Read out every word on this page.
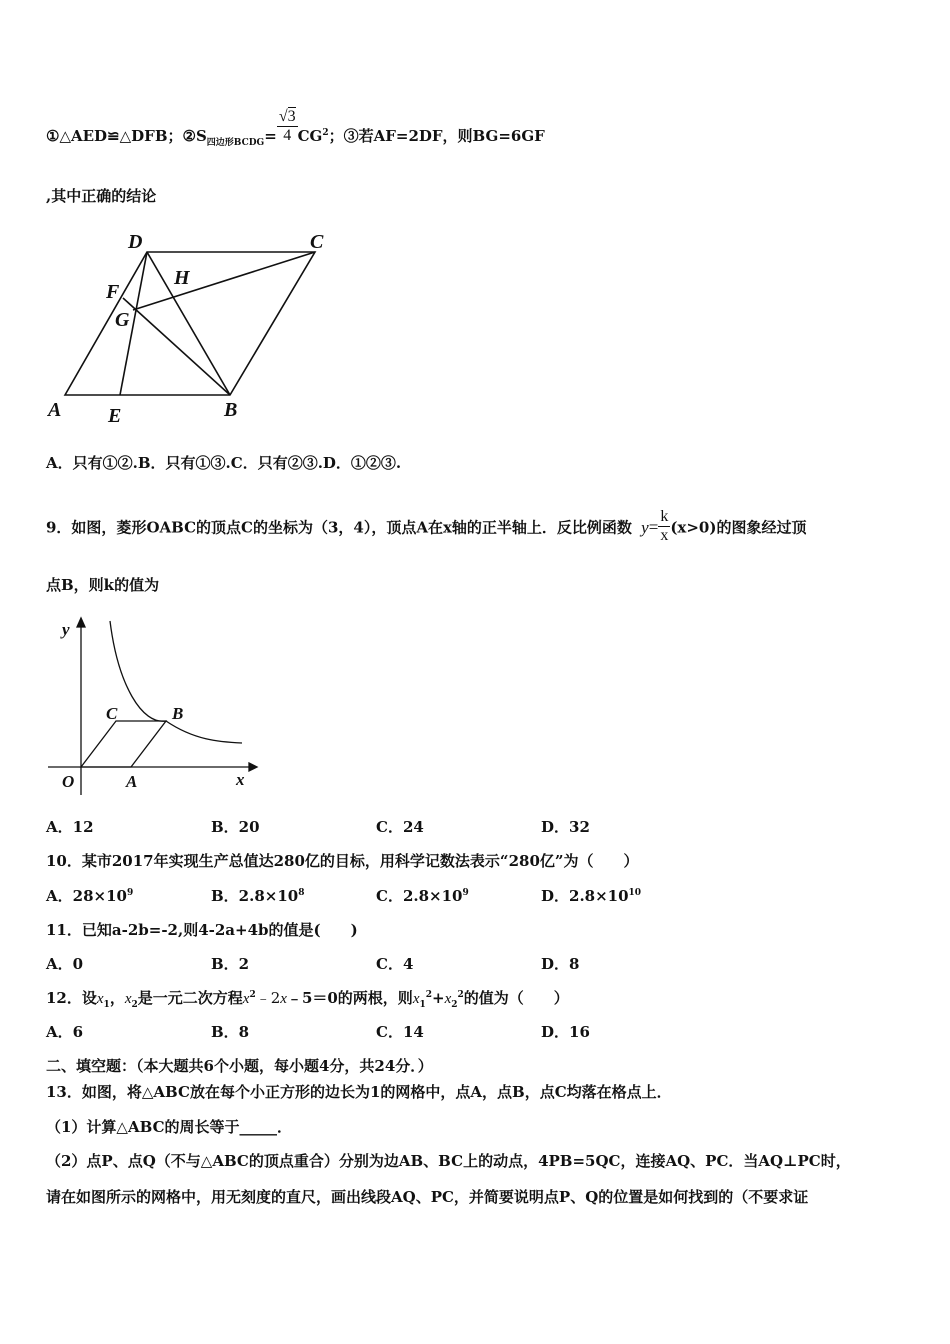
①△AED≌△DFB；$②S_{四边形BCDG}= \frac{√3}{4} CG^2$；③若AF=2DF，则BG=6GF
,其中正确的结论
A	B
C
D
E
F
G
H
A．只有①②.B．只有①③.C．只有②③.D．①②③.
9．如图，菱形OABC的顶点C的坐标为（3，4），顶点A在x轴的正半轴上．反比例函数 $y= \frac{k}{x} (x>0)$的图象经过顶
点B，则k的值为
y
x
O	A
B
C
A．12	B．20	C．24	D．32
10．某市2017年实现生产总值达280亿的目标，用科学记数法表示“280亿”为（　　）
A．$28\times 10^9$	B．$2.8\times 10^8$	C．$2.8\times 10^9$	D．$2.8\times 10^{10}$
11．已知a-2b=-2,则4-2a+4b的值是(　　)
A．0	B．2	C．4	D．8
12．设$x_1$，$x_2$是一元二次方程$x^2﹣2x﹣5=0$的两根，则$x_1^2+x_2^2$的值为（　　）
A．6	B．8	C．14	D．16
二、填空题：（本大题共6个小题，每小题4分，共24分．）
13．如图，将△ABC放在每个小正方形的边长为1的网格中，点A，点B，点C均落在格点上．
（1）计算△ABC的周长等于_____．
（2）点P、点Q（不与△ABC的顶点重合）分别为边AB、BC上的动点，4PB=5QC，连接AQ、PC．当AQ⊥PC时，
请在如图所示的网格中，用无刻度的直尺，画出线段AQ、PC，并简要说明点P、Q的位置是如何找到的（不要求证
